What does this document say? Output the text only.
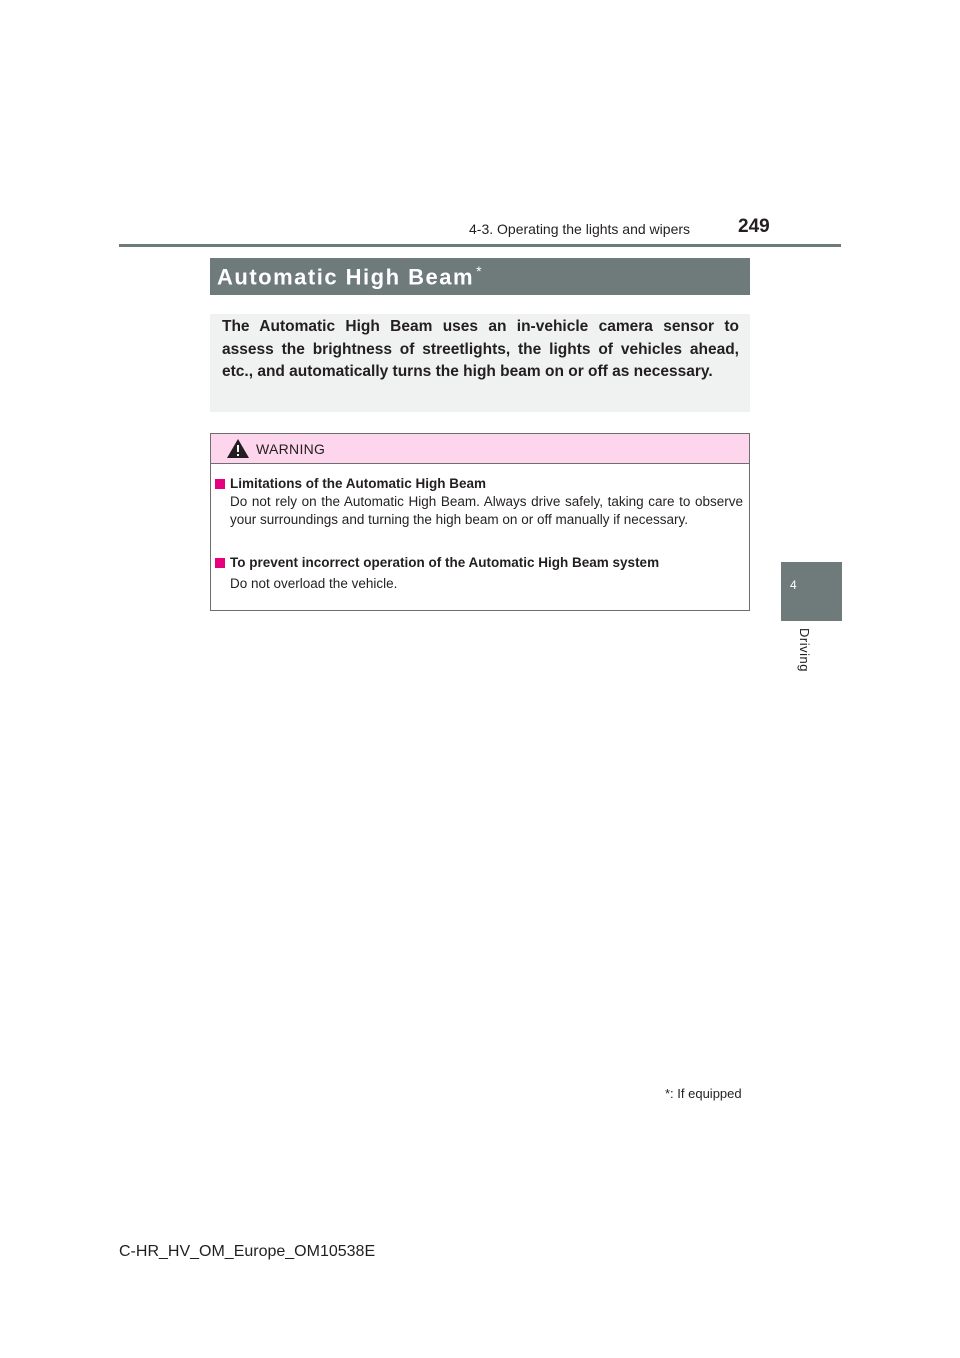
4-3. Operating the lights and wipers	249
4
Driving
Automatic High Beam *
The Automatic High Beam uses an in-vehicle camera sensor to assess the brightness of streetlights, the lights of vehicles ahead, etc., and automatically turns the high beam on or off as necessary.
WARNING
Limitations of the Automatic High Beam
Do not rely on the Automatic High Beam. Always drive safely, taking care to observe your surroundings and turning the high beam on or off manually if necessary.
To prevent incorrect operation of the Automatic High Beam system
Do not overload the vehicle.
*: If equipped
C-HR_HV_OM_Europe_OM10538E
